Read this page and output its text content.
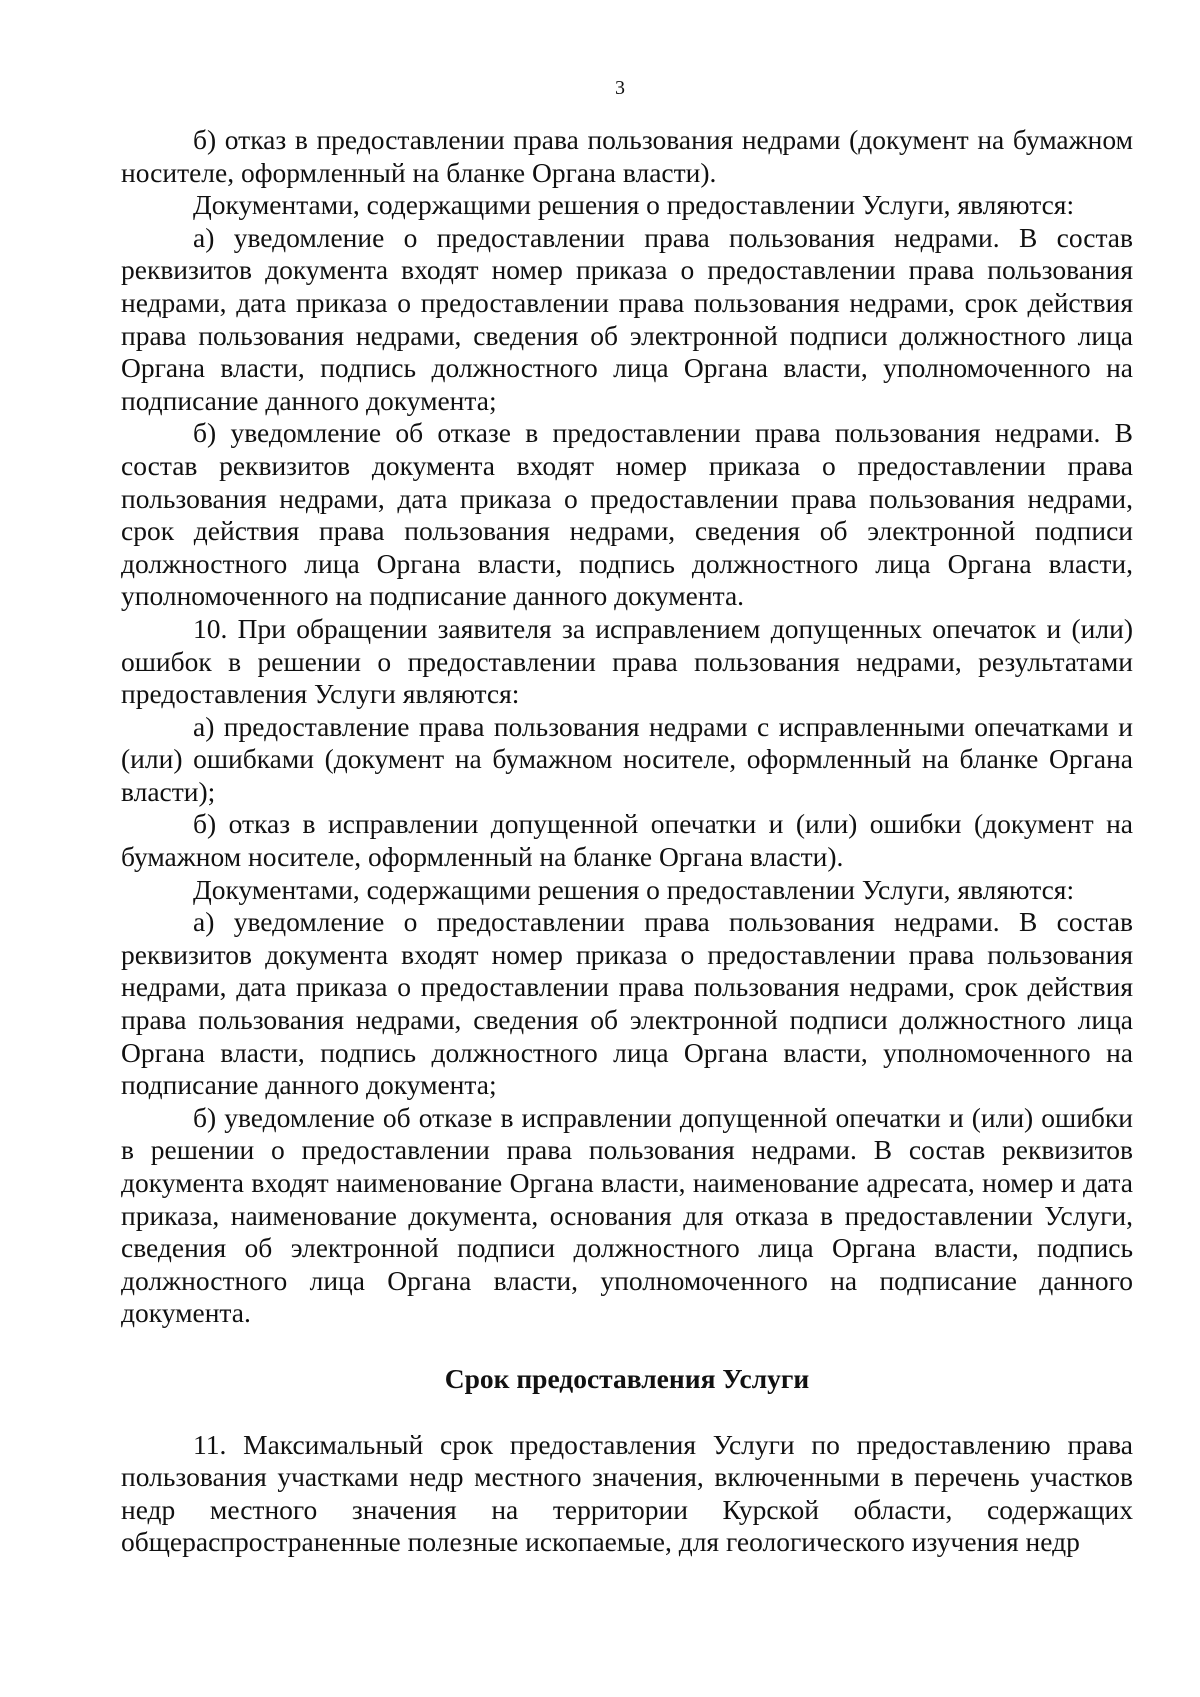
3

б) отказ в предоставлении права пользования недрами (документ на бумажном носителе, оформленный на бланке Органа власти).

Документами, содержащими решения о предоставлении Услуги, являются:

а) уведомление о предоставлении права пользования недрами. В состав реквизитов документа входят номер приказа о предоставлении права пользования недрами, дата приказа о предоставлении права пользования недрами, срок действия права пользования недрами, сведения об электронной подписи должностного лица Органа власти, подпись должностного лица Органа власти, уполномоченного на подписание данного документа;

б) уведомление об отказе в предоставлении права пользования недрами. В состав реквизитов документа входят номер приказа о предоставлении права пользования недрами, дата приказа о предоставлении права пользования недрами, срок действия права пользования недрами, сведения об электронной подписи должностного лица Органа власти, подпись должностного лица Органа власти, уполномоченного на подписание данного документа.

10. При обращении заявителя за исправлением допущенных опечаток и (или) ошибок в решении о предоставлении права пользования недрами, результатами предоставления Услуги являются:

а) предоставление права пользования недрами с исправленными опечатками и (или) ошибками (документ на бумажном носителе, оформленный на бланке Органа власти);

б) отказ в исправлении допущенной опечатки и (или) ошибки (документ на бумажном носителе, оформленный на бланке Органа власти).

Документами, содержащими решения о предоставлении Услуги, являются:

а) уведомление о предоставлении права пользования недрами. В состав реквизитов документа входят номер приказа о предоставлении права пользования недрами, дата приказа о предоставлении права пользования недрами, срок действия права пользования недрами, сведения об электронной подписи должностного лица Органа власти, подпись должностного лица Органа власти, уполномоченного на подписание данного документа;

б) уведомление об отказе в исправлении допущенной опечатки и (или) ошибки в решении о предоставлении права пользования недрами. В состав реквизитов документа входят наименование Органа власти, наименование адресата, номер и дата приказа, наименование документа, основания для отказа в предоставлении Услуги, сведения об электронной подписи должностного лица Органа власти, подпись должностного лица Органа власти, уполномоченного на подписание данного документа.

Срок предоставления Услуги

11. Максимальный срок предоставления Услуги по предоставлению права пользования участками недр местного значения, включенными в перечень участков недр местного значения на территории Курской области, содержащих общераспространенные полезные ископаемые, для геологического изучения недр
